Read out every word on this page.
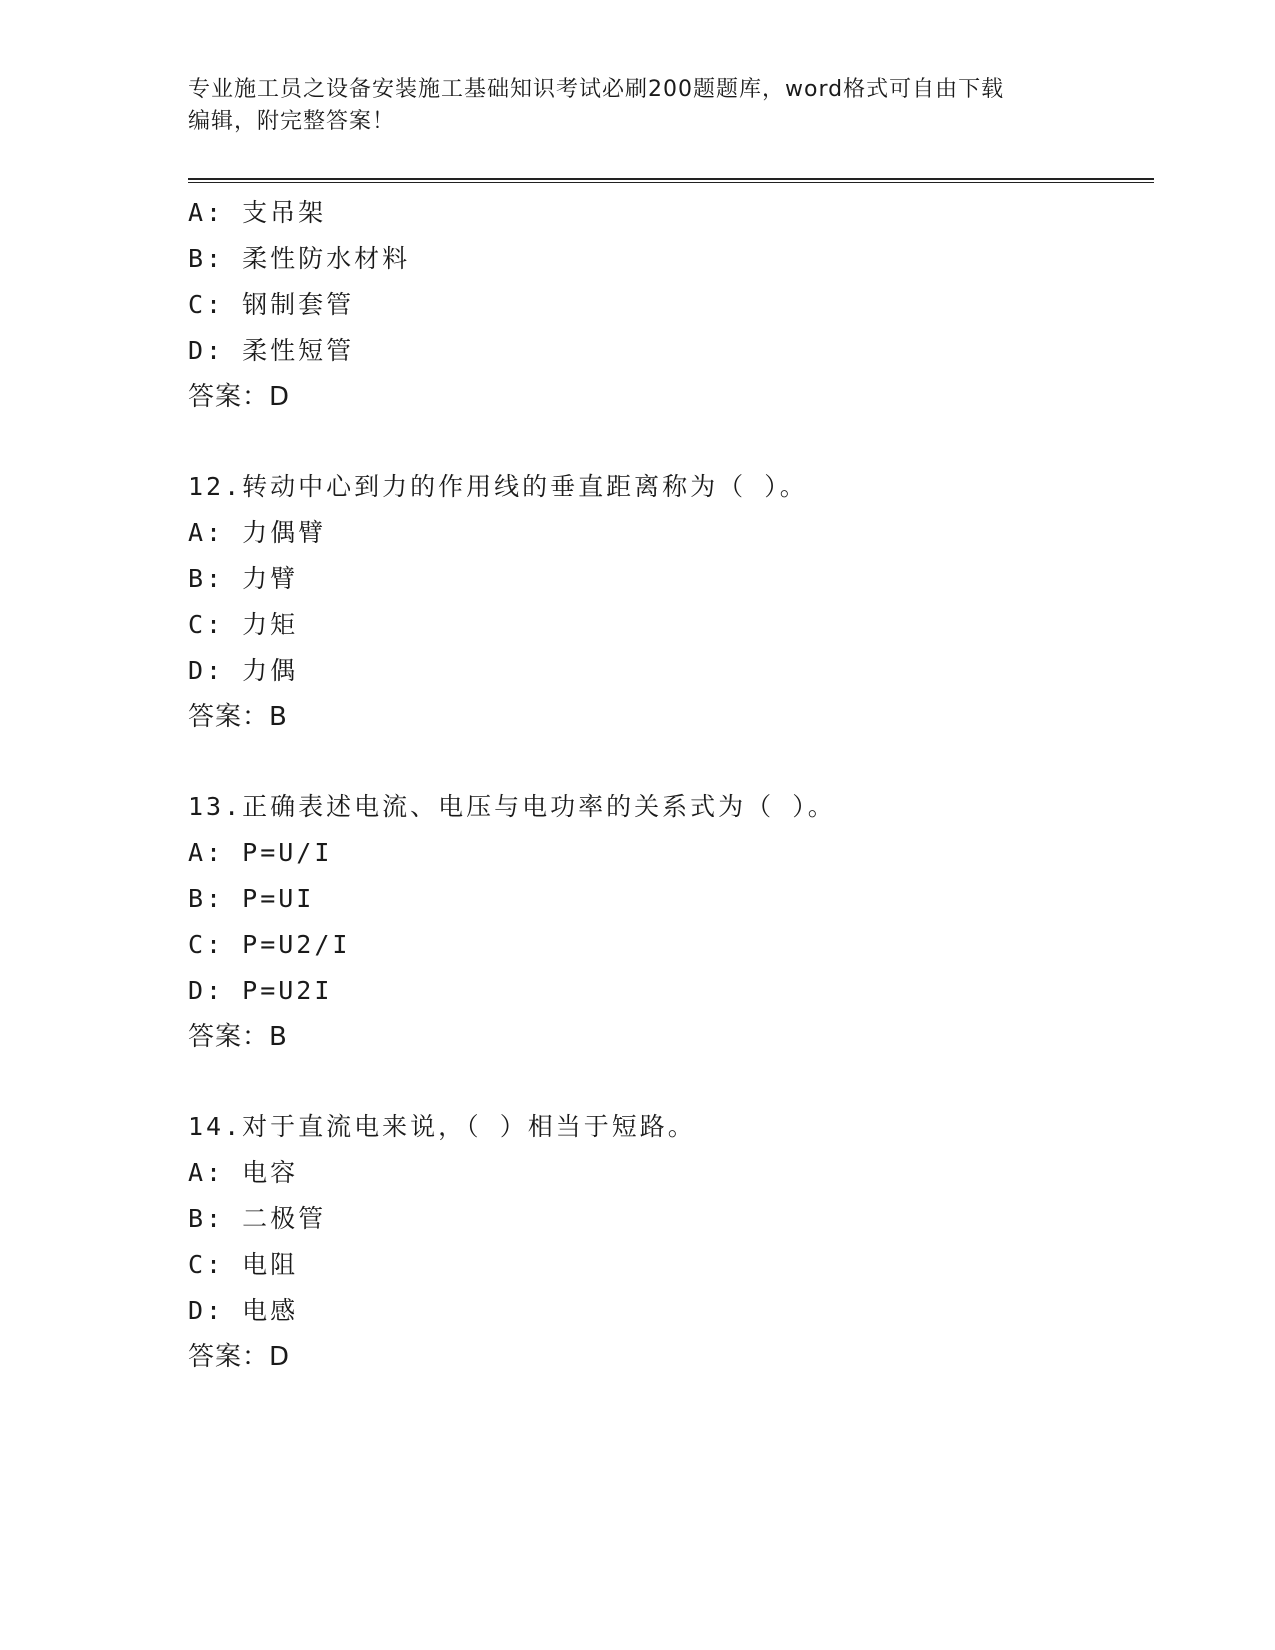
专业施工员之设备安装施工基础知识考试必刷200题题库，word格式可自由下载
编辑，附完整答案！
A: 支吊架
B: 柔性防水材料
C: 钢制套管
D: 柔性短管
答案：D
12.转动中心到力的作用线的垂直距离称为（ ）。
A: 力偶臂
B: 力臂
C: 力矩
D: 力偶
答案：B
13.正确表述电流、电压与电功率的关系式为（ ）。
A: P=U/I
B: P=UI
C: P=U2/I
D: P=U2I
答案：B
14.对于直流电来说，（ ）相当于短路。
A: 电容
B: 二极管
C: 电阻
D: 电感
答案：D
